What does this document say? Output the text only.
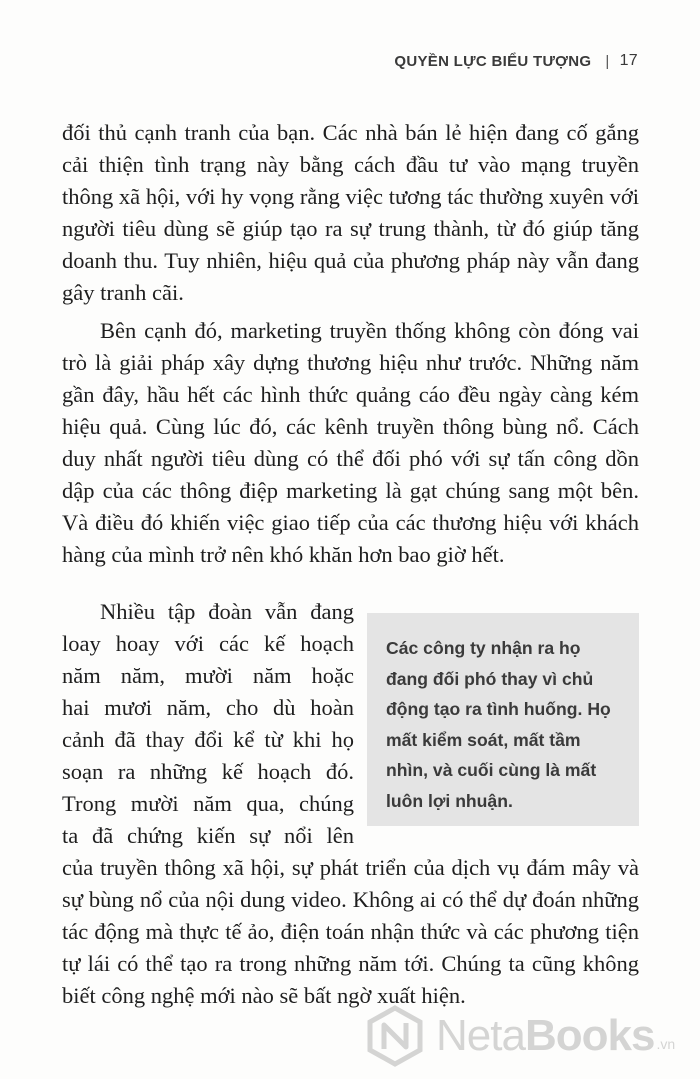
QUYỀN LỰC BIỂU TƯỢNG | 17
đối thủ cạnh tranh của bạn. Các nhà bán lẻ hiện đang cố gắng cải thiện tình trạng này bằng cách đầu tư vào mạng truyền thông xã hội, với hy vọng rằng việc tương tác thường xuyên với người tiêu dùng sẽ giúp tạo ra sự trung thành, từ đó giúp tăng doanh thu. Tuy nhiên, hiệu quả của phương pháp này vẫn đang gây tranh cãi.
Bên cạnh đó, marketing truyền thống không còn đóng vai trò là giải pháp xây dựng thương hiệu như trước. Những năm gần đây, hầu hết các hình thức quảng cáo đều ngày càng kém hiệu quả. Cùng lúc đó, các kênh truyền thông bùng nổ. Cách duy nhất người tiêu dùng có thể đối phó với sự tấn công dồn dập của các thông điệp marketing là gạt chúng sang một bên. Và điều đó khiến việc giao tiếp của các thương hiệu với khách hàng của mình trở nên khó khăn hơn bao giờ hết.
Nhiều tập đoàn vẫn đang
loay hoay với các kế hoạch
năm năm, mười năm hoặc
hai mươi năm, cho dù hoàn
cảnh đã thay đổi kể từ khi họ
soạn ra những kế hoạch đó.
Trong mười năm qua, chúng
ta đã chứng kiến sự nổi lên
Các công ty nhận ra họ đang đối phó thay vì chủ động tạo ra tình huống. Họ mất kiểm soát, mất tầm nhìn, và cuối cùng là mất luôn lợi nhuận.
của truyền thông xã hội, sự phát triển của dịch vụ đám mây và sự bùng nổ của nội dung video. Không ai có thể dự đoán những tác động mà thực tế ảo, điện toán nhận thức và các phương tiện tự lái có thể tạo ra trong những năm tới. Chúng ta cũng không biết công nghệ mới nào sẽ bất ngờ xuất hiện.
NetaBooks .vn
